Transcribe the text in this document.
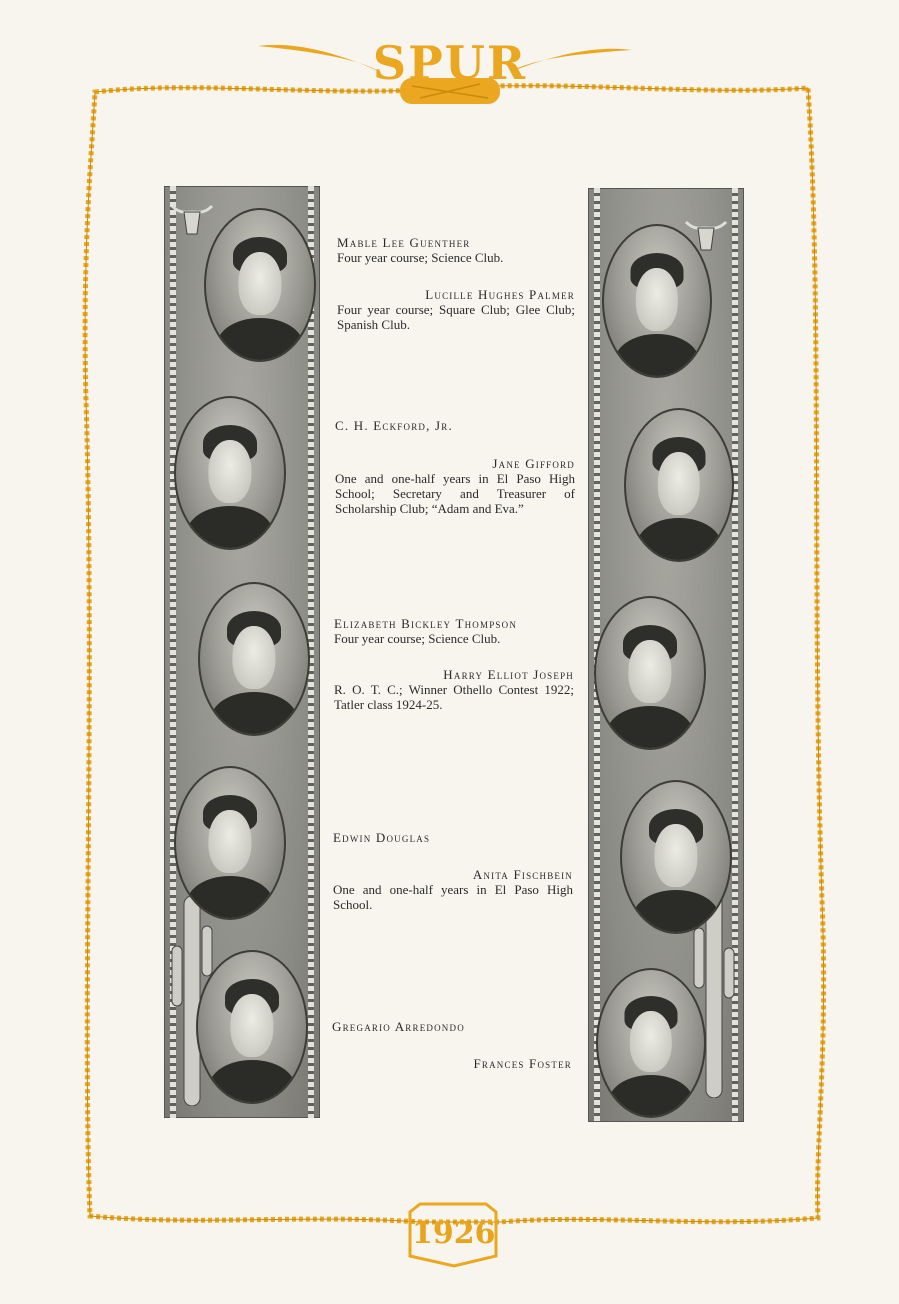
SPUR
1926
Mable Lee Guenther
Four year course; Science Club.
Lucille Hughes Palmer
Four year course; Square Club; Glee Club; Spanish Club.
C. H. Eckford, Jr.
Jane Gifford
One and one-half years in El Paso High School; Secretary and Treasurer of Scholarship Club; “Adam and Eva.”
Elizabeth Bickley Thompson
Four year course; Science Club.
Harry Elliot Joseph
R. O. T. C.; Winner Othello Contest 1922; Tatler class 1924-25.
Edwin Douglas
Anita Fischbein
One and one-half years in El Paso High School.
Gregario Arredondo
Frances Foster
